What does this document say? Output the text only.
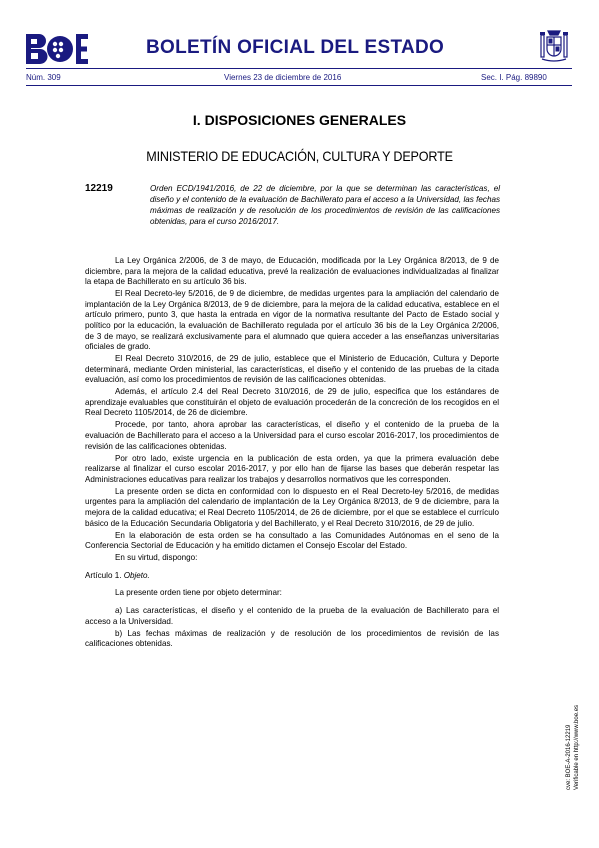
BOLETÍN OFICIAL DEL ESTADO
Núm. 309	Viernes 23 de diciembre de 2016	Sec. I. Pág. 89890
I. DISPOSICIONES GENERALES
MINISTERIO DE EDUCACIÓN, CULTURA Y DEPORTE
12219	Orden ECD/1941/2016, de 22 de diciembre, por la que se determinan las características, el diseño y el contenido de la evaluación de Bachillerato para el acceso a la Universidad, las fechas máximas de realización y de resolución de los procedimientos de revisión de las calificaciones obtenidas, para el curso 2016/2017.

La Ley Orgánica 2/2006, de 3 de mayo, de Educación, modificada por la Ley Orgánica 8/2013, de 9 de diciembre, para la mejora de la calidad educativa, prevé la realización de evaluaciones individualizadas al finalizar la etapa de Bachillerato en su artículo 36 bis.

El Real Decreto-ley 5/2016, de 9 de diciembre, de medidas urgentes para la ampliación del calendario de implantación de la Ley Orgánica 8/2013, de 9 de diciembre, para la mejora de la calidad educativa, establece en el artículo primero, punto 3, que hasta la entrada en vigor de la normativa resultante del Pacto de Estado social y político por la educación, la evaluación de Bachillerato regulada por el artículo 36 bis de la Ley Orgánica 2/2006, de 3 de mayo, se realizará exclusivamente para el alumnado que quiera acceder a las enseñanzas universitarias oficiales de grado.

El Real Decreto 310/2016, de 29 de julio, establece que el Ministerio de Educación, Cultura y Deporte determinará, mediante Orden ministerial, las características, el diseño y el contenido de las pruebas de la citada evaluación, así como los procedimientos de revisión de las calificaciones obtenidas.

Además, el artículo 2.4 del Real Decreto 310/2016, de 29 de julio, especifica que los estándares de aprendizaje evaluables que constituirán el objeto de evaluación procederán de la concreción de los recogidos en el Real Decreto 1105/2014, de 26 de diciembre.

Procede, por tanto, ahora aprobar las características, el diseño y el contenido de la prueba de la evaluación de Bachillerato para el acceso a la Universidad para el curso escolar 2016-2017, los procedimientos de revisión de las calificaciones obtenidas.

Por otro lado, existe urgencia en la publicación de esta orden, ya que la primera evaluación debe realizarse al finalizar el curso escolar 2016-2017, y por ello han de fijarse las bases que deberán respetar las Administraciones educativas para realizar los trabajos y desarrollos normativos que les corresponden.

La presente orden se dicta en conformidad con lo dispuesto en el Real Decreto-ley 5/2016, de medidas urgentes para la ampliación del calendario de implantación de la Ley Orgánica 8/2013, de 9 de diciembre, para la mejora de la calidad educativa; el Real Decreto 1105/2014, de 26 de diciembre, por el que se establece el currículo básico de la Educación Secundaria Obligatoria y del Bachillerato, y el Real Decreto 310/2016, de 29 de julio.

En la elaboración de esta orden se ha consultado a las Comunidades Autónomas en el seno de la Conferencia Sectorial de Educación y ha emitido dictamen el Consejo Escolar del Estado.

En su virtud, dispongo:

Artículo 1. Objeto.

La presente orden tiene por objeto determinar:

a) Las características, el diseño y el contenido de la prueba de la evaluación de Bachillerato para el acceso a la Universidad.

b) Las fechas máximas de realización y de resolución de los procedimientos de revisión de las calificaciones obtenidas.

cve: BOE-A-2016-12219 Verificable en http://www.boe.es
